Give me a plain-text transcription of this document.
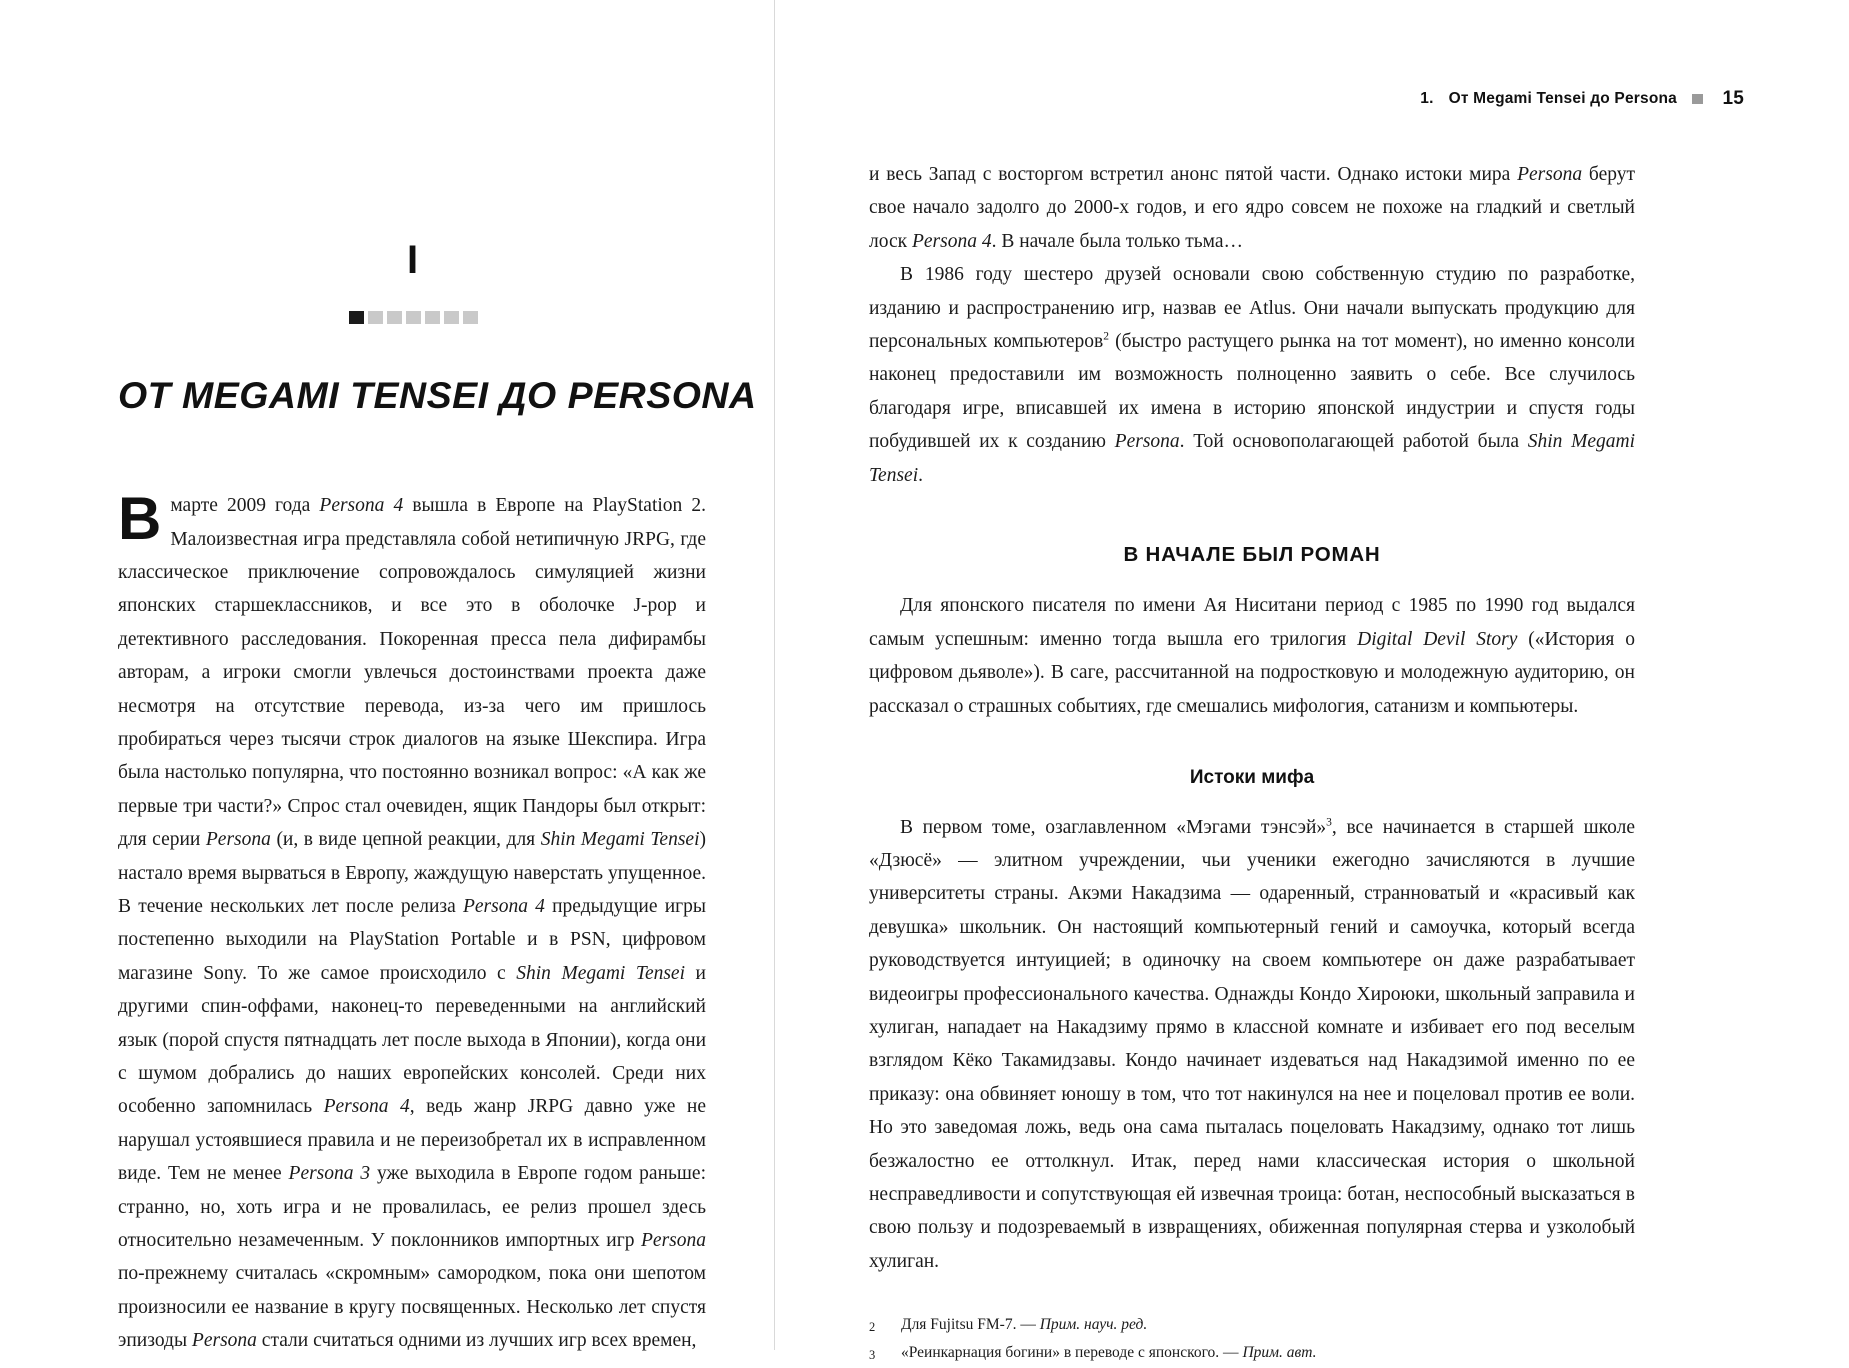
I
ОТ MEGAMI TENSEI ДО PERSONA

В марте 2009 года Persona 4 вышла в Европе на PlayStation 2. Малоизвестная игра представляла собой нетипичную JRPG, где классическое приключение сопровождалось симуляцией жизни японских старшеклассников, и все это в оболочке J-pop и детективного расследования. Покоренная пресса пела дифирамбы авторам, а игроки смогли увлечься достоинствами проекта даже несмотря на отсутствие перевода, из-за чего им пришлось пробираться через тысячи строк диалогов на языке Шекспира. Игра была настолько популярна, что постоянно возникал вопрос: «А как же первые три части?» Спрос стал очевиден, ящик Пандоры был открыт: для серии Persona (и, в виде цепной реакции, для Shin Megami Tensei) настало время вырваться в Европу, жаждущую наверстать упущенное. В течение нескольких лет после релиза Persona 4 предыдущие игры постепенно выходили на PlayStation Portable и в PSN, цифровом магазине Sony. То же самое происходило с Shin Megami Tensei и другими спин-оффами, наконец-то переведенными на английский язык (порой спустя пятнадцать лет после выхода в Японии), когда они с шумом добрались до наших европейских консолей. Среди них особенно запомнилась Persona 4, ведь жанр JRPG давно уже не нарушал устоявшиеся правила и не переизобретал их в исправленном виде. Тем не менее Persona 3 уже выходила в Европе годом раньше: странно, но, хоть игра и не провалилась, ее релиз прошел здесь относительно незамеченным. У поклонников импортных игр Persona по-прежнему считалась «скромным» самородком, пока они шепотом произносили ее название в кругу посвященных. Несколько лет спустя эпизоды Persona стали считаться одними из лучших игр всех времен,

1. От Megami Tensei до Persona 15

и весь Запад с восторгом встретил анонс пятой части. Однако истоки мира Persona берут свое начало задолго до 2000-х годов, и его ядро совсем не похоже на гладкий и светлый лоск Persona 4. В начале была только тьма…

В 1986 году шестеро друзей основали свою собственную студию по разработке, изданию и распространению игр, назвав ее Atlus. Они начали выпускать продукцию для персональных компьютеров$^2$ (быстро растущего рынка на тот момент), но именно консоли наконец предоставили им возможность полноценно заявить о себе. Все случилось благодаря игре, вписавшей их имена в историю японской индустрии и спустя годы побудившей их к созданию Persona. Той основополагающей работой была Shin Megami Tensei.

В НАЧАЛЕ БЫЛ РОМАН

Для японского писателя по имени Ая Ниситани период с 1985 по 1990 год выдался самым успешным: именно тогда вышла его трилогия Digital Devil Story («История о цифровом дьяволе»). В саге, рассчитанной на подростковую и молодежную аудиторию, он рассказал о страшных событиях, где смешались мифология, сатанизм и компьютеры.

Истоки мифа

В первом томе, озаглавленном «Мэгами тэнсэй»$^3$, все начинается в старшей школе «Дзюсё» — элитном учреждении, чьи ученики ежегодно зачисляются в лучшие университеты страны. Акэми Накадзима — одаренный, странноватый и «красивый как девушка» школьник. Он настоящий компьютерный гений и самоучка, который всегда руководствуется интуицией; в одиночку на своем компьютере он даже разрабатывает видеоигры профессионального качества. Однажды Кондо Хироюки, школьный заправила и хулиган, нападает на Накадзиму прямо в классной комнате и избивает его под веселым взглядом Кёко Такамидзавы. Кондо начинает издеваться над Накадзимой именно по ее приказу: она обвиняет юношу в том, что тот накинулся на нее и поцеловал против ее воли. Но это заведомая ложь, ведь она сама пыталась поцеловать Накадзиму, однако тот лишь безжалостно ее оттолкнул. Итак, перед нами классическая история о школьной несправедливости и сопутствующая ей извечная троица: ботан, неспособный высказаться в свою пользу и подозреваемый в извращениях, обиженная популярная стерва и узколобый хулиган.

2	Для Fujitsu FM-7. — Прим. науч. ред.
3	«Реинкарнация богини» в переводе с японского. — Прим. авт.
